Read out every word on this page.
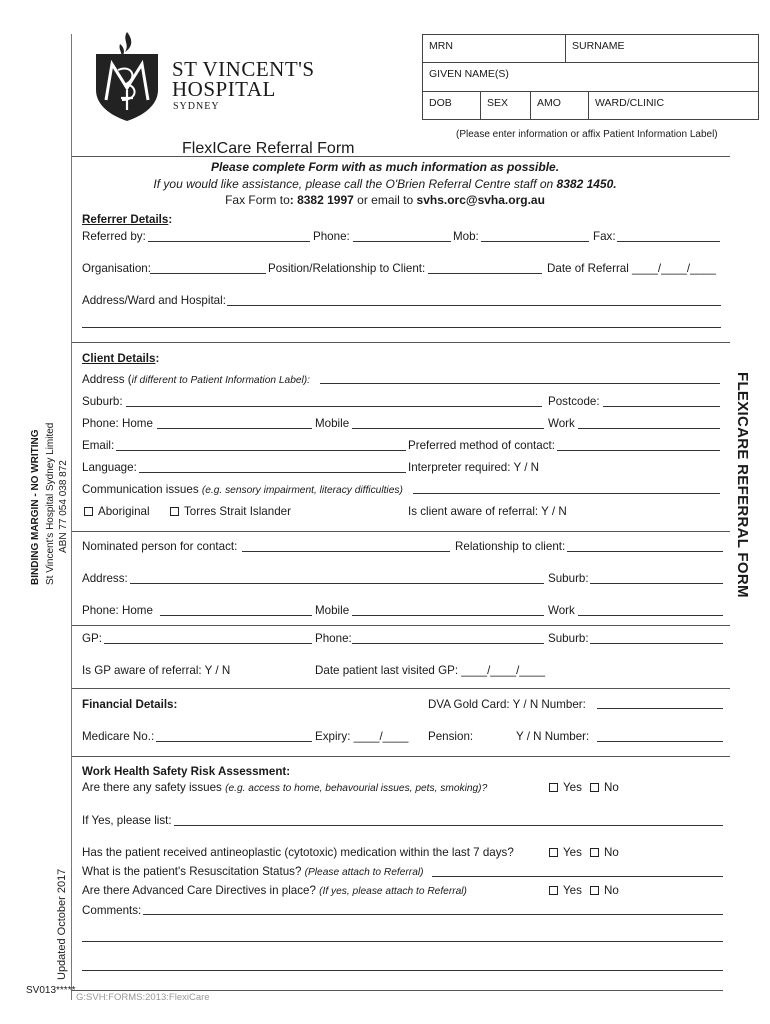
BINDING MARGIN - NO WRITING St Vincent's Hospital Sydney Limited ABN 77 054 038 872
Updated October 2017
FLEXICARE REFERRAL FORM
ST VINCENT'S
HOSPITAL
SYDNEY
MRN	SURNAME
GIVEN NAME(S)
DOB	SEX	AMO	WARD/CLINIC
(Please enter information or affix Patient Information Label)
FlexICare Referral Form
Please complete Form with as much information as possible.
If you would like assistance, please call the O'Brien Referral Centre staff on 8382 1450.
Fax Form to: 8382 1997 or email to svhs.orc@svha.org.au
Referrer Details:
Referred by:	Phone:	Mob:	Fax:
Organisation:	Position/Relationship to Client:	Date of Referral ____/____/____
Address/Ward and Hospital:
Client Details:
Address (if different to Patient Information Label):
Suburb:	Postcode:
Phone: Home	Mobile	Work
Email:	Preferred method of contact:
Language:	Interpreter required: Y / N
Communication issues (e.g. sensory impairment, literacy difficulties)
Aboriginal	Torres Strait Islander	Is client aware of referral: Y / N
Nominated person for contact:	Relationship to client:
Address:	Suburb:
Phone: Home	Mobile	Work
GP:	Phone:	Suburb:
Is GP aware of referral: Y / N	Date patient last visited GP: ____/____/____
Financial Details:	DVA Gold Card: Y / N Number:
Medicare No.:	Expiry: ____/____ Pension:	Y / N Number:
Work Health Safety Risk Assessment:
Are there any safety issues (e.g. access to home, behavourial issues, pets, smoking)?	Yes	No
If Yes, please list:
Has the patient received antineoplastic (cytotoxic) medication within the last 7 days?	Yes	No
What is the patient's Resuscitation Status? (Please attach to Referral)
Are there Advanced Care Directives in place? (If yes, please attach to Referral)	Yes	No
Comments:
SV013*****
G:SVH:FORMS:2013:FlexiCare
